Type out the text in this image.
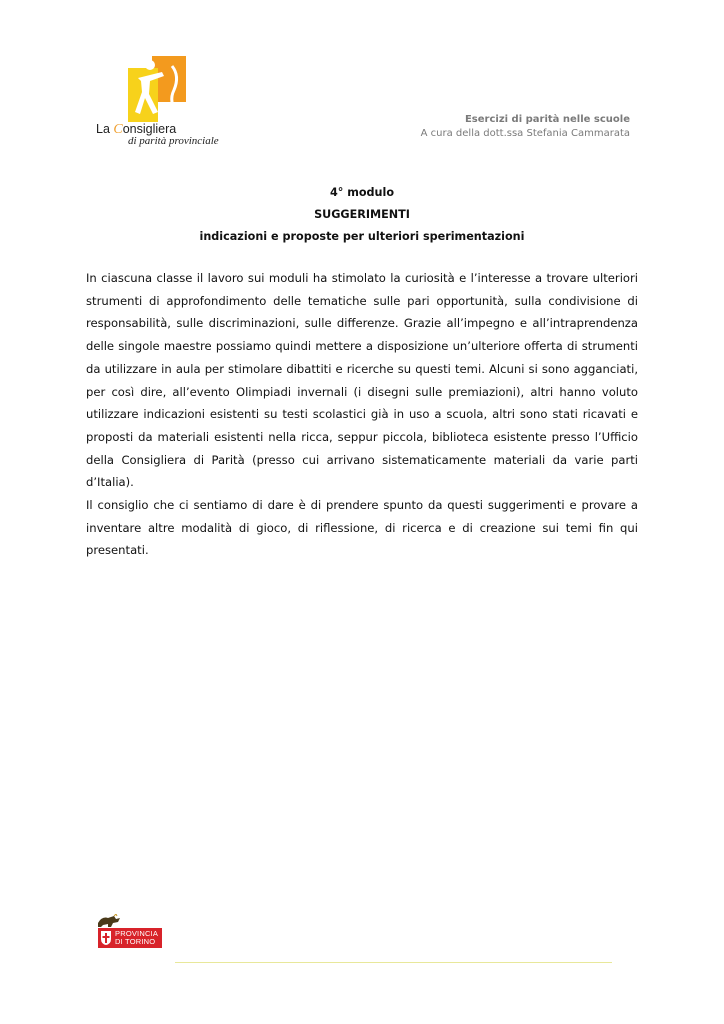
La Consigliera
di parità provinciale
Esercizi di parità nelle scuole
A cura della dott.ssa Stefania Cammarata
4° modulo
SUGGERIMENTI
indicazioni e proposte per ulteriori sperimentazioni

In ciascuna classe il lavoro sui moduli ha stimolato la curiosità e l’interesse a trovare ulteriori strumenti di approfondimento delle tematiche sulle pari opportunità, sulla condivisione di responsabilità, sulle discriminazioni, sulle differenze. Grazie all’impegno e all’intraprendenza delle singole maestre possiamo quindi mettere a disposizione un’ulteriore offerta di strumenti da utilizzare in aula per stimolare dibattiti e ricerche su questi temi. Alcuni si sono agganciati, per così dire, all’evento Olimpiadi invernali (i disegni sulle premiazioni), altri hanno voluto utilizzare indicazioni esistenti su testi scolastici già in uso a scuola, altri sono stati ricavati e proposti da materiali esistenti nella ricca, seppur piccola, biblioteca esistente presso l’Ufficio della Consigliera di Parità (presso cui arrivano sistematicamente materiali da varie parti d’Italia).

Il consiglio che ci sentiamo di dare è di prendere spunto da questi suggerimenti e provare a inventare altre modalità di gioco, di riflessione, di ricerca e di creazione sui temi fin qui presentati.

PROVINCIA
DI TORINO
